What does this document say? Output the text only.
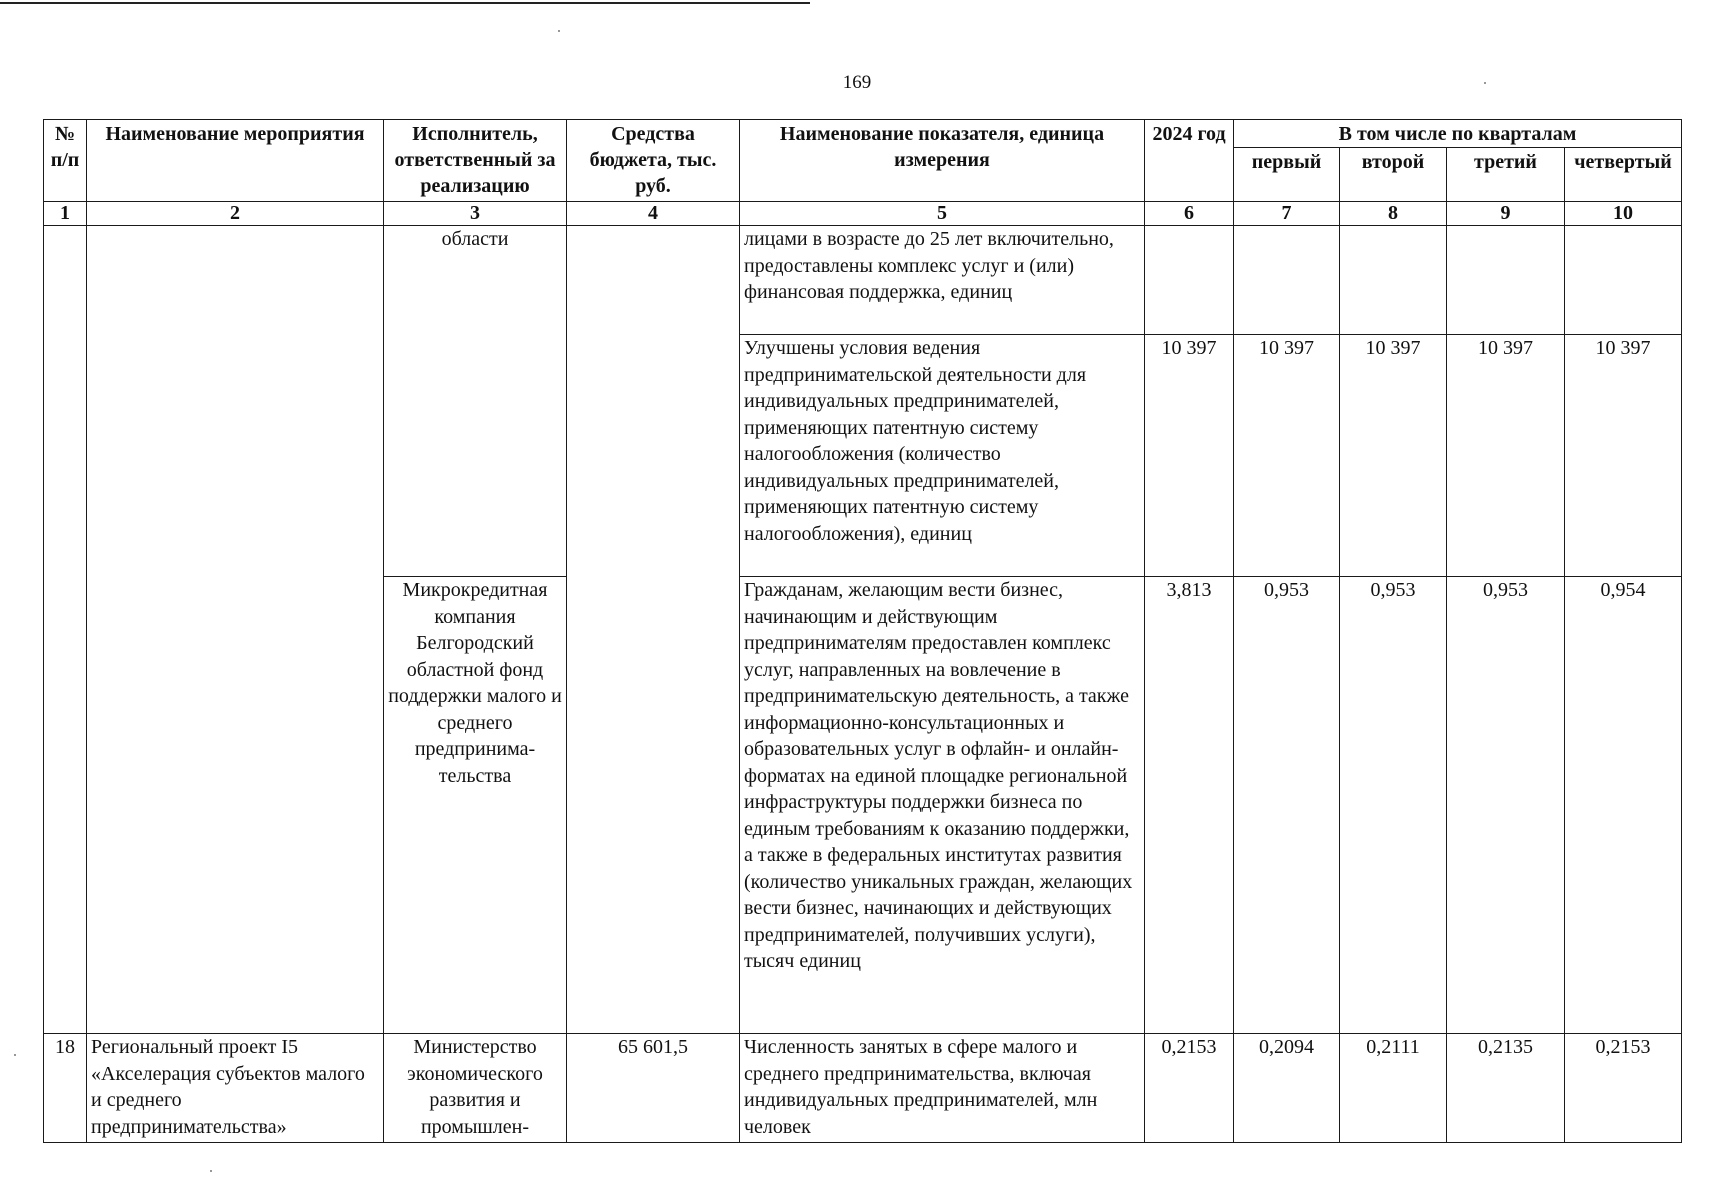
169
№ п/п	Наименование мероприятия	Исполнитель, ответственный за реализацию	Средства бюджета, тыс. руб.	Наименование показателя, единица измерения	2024 год	В том числе по кварталам			
						первый	второй	третий	четвертый
1	2	3	4	5	6	7	8	9	10
		области		лицами в возрасте до 25 лет включительно, предоставлены комплекс услуг и (или) финансовая поддержка, единиц					
				Улучшены условия ведения предпринимательской деятельности для индивидуальных предпринимателей, применяющих патентную систему налогообложения (количество индивидуальных предпринимателей, применяющих патентную систему налогообложения), единиц	10 397	10 397	10 397	10 397	10 397
		Микрокредитная компания Белгородский областной фонд поддержки малого и среднего предпринима-тельства		Гражданам, желающим вести бизнес, начинающим и действующим предпринимателям предоставлен комплекс услуг, направленных на вовлечение в предпринимательскую деятельность, а также информационно-консультационных и образовательных услуг в офлайн- и онлайн-форматах на единой площадке региональной инфраструктуры поддержки бизнеса по единым требованиям к оказанию поддержки, а также в федеральных институтах развития (количество уникальных граждан, желающих вести бизнес, начинающих и действующих предпринимателей, получивших услуги), тысяч единиц	3,813	0,953	0,953	0,953	0,954
18	Региональный проект I5 «Акселерация субъектов малого и среднего предпринимательства»	Министерство экономического развития и промышлен-	65 601,5	Численность занятых в сфере малого и среднего предпринимательства, включая индивидуальных предпринимателей, млн человек	0,2153	0,2094	0,2111	0,2135	0,2153
